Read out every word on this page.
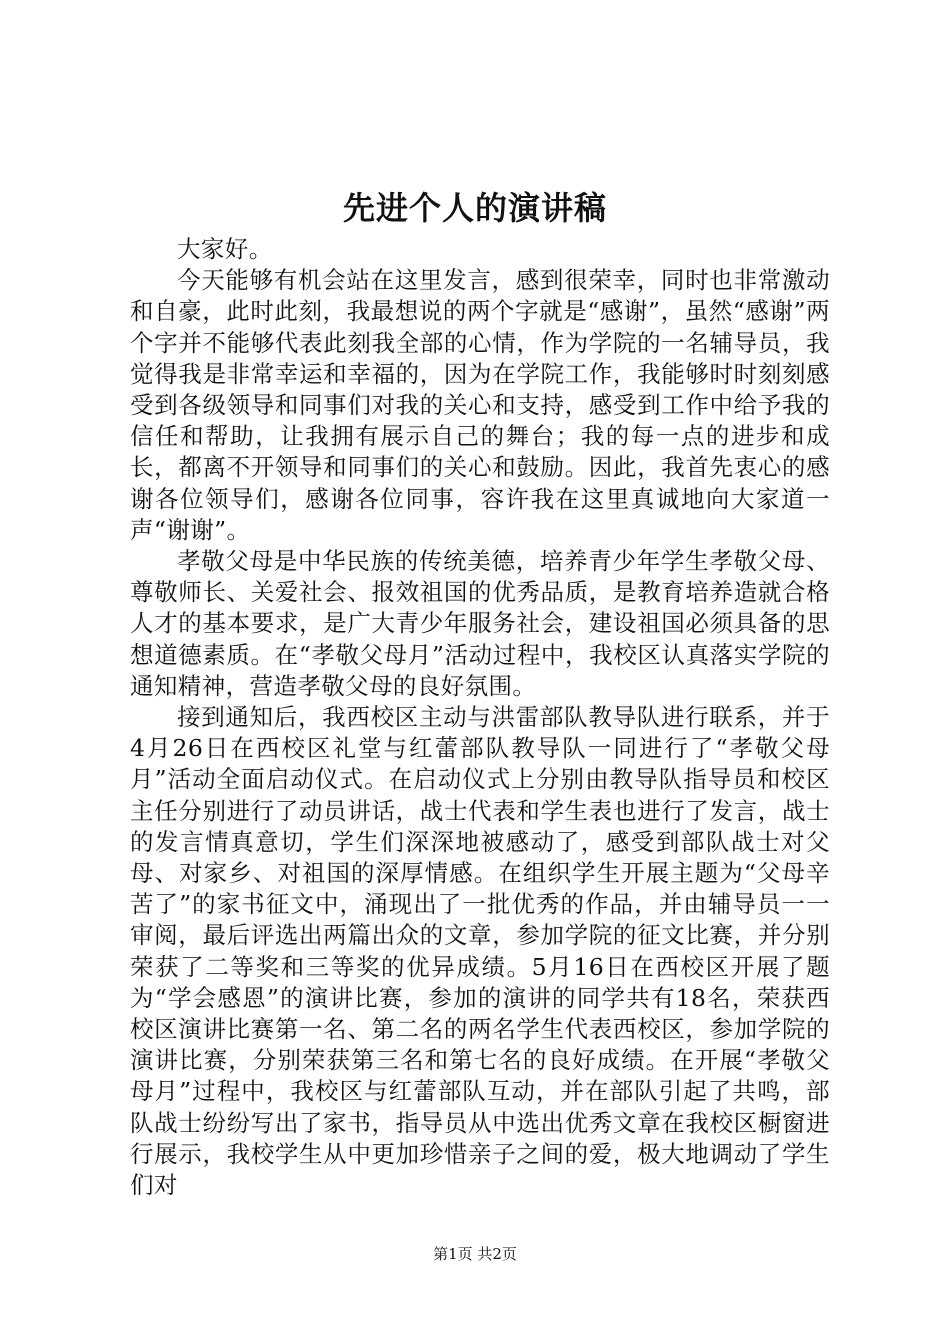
先进个人的演讲稿

大家好。

今天能够有机会站在这里发言，感到很荣幸，同时也非常激动和自豪，此时此刻，我最想说的两个字就是“感谢”，虽然“感谢”两个字并不能够代表此刻我全部的心情，作为学院的一名辅导员，我觉得我是非常幸运和幸福的，因为在学院工作，我能够时时刻刻感受到各级领导和同事们对我的关心和支持，感受到工作中给予我的信任和帮助，让我拥有展示自己的舞台；我的每一点的进步和成长，都离不开领导和同事们的关心和鼓励。因此，我首先衷心的感谢各位领导们，感谢各位同事，容许我在这里真诚地向大家道一声“谢谢”。

孝敬父母是中华民族的传统美德，培养青少年学生孝敬父母、尊敬师长、关爱社会、报效祖国的优秀品质，是教育培养造就合格人才的基本要求，是广大青少年服务社会，建设祖国必须具备的思想道德素质。在“孝敬父母月”活动过程中，我校区认真落实学院的通知精神，营造孝敬父母的良好氛围。

接到通知后，我西校区主动与洪雷部队教导队进行联系，并于4月26日在西校区礼堂与红蕾部队教导队一同进行了“孝敬父母月”活动全面启动仪式。在启动仪式上分别由教导队指导员和校区主任分别进行了动员讲话，战士代表和学生表也进行了发言，战士的发言情真意切，学生们深深地被感动了，感受到部队战士对父母、对家乡、对祖国的深厚情感。在组织学生开展主题为“父母辛苦了”的家书征文中，涌现出了一批优秀的作品，并由辅导员一一审阅，最后评选出两篇出众的文章，参加学院的征文比赛，并分别荣获了二等奖和三等奖的优异成绩。5月16日在西校区开展了题为“学会感恩”的演讲比赛，参加的演讲的同学共有18名，荣获西校区演讲比赛第一名、第二名的两名学生代表西校区，参加学院的演讲比赛，分别荣获第三名和第七名的良好成绩。在开展“孝敬父母月”过程中，我校区与红蕾部队互动，并在部队引起了共鸣，部队战士纷纷写出了家书，指导员从中选出优秀文章在我校区橱窗进行展示，我校学生从中更加珍惜亲子之间的爱，极大地调动了学生们对

第1页 共2页
